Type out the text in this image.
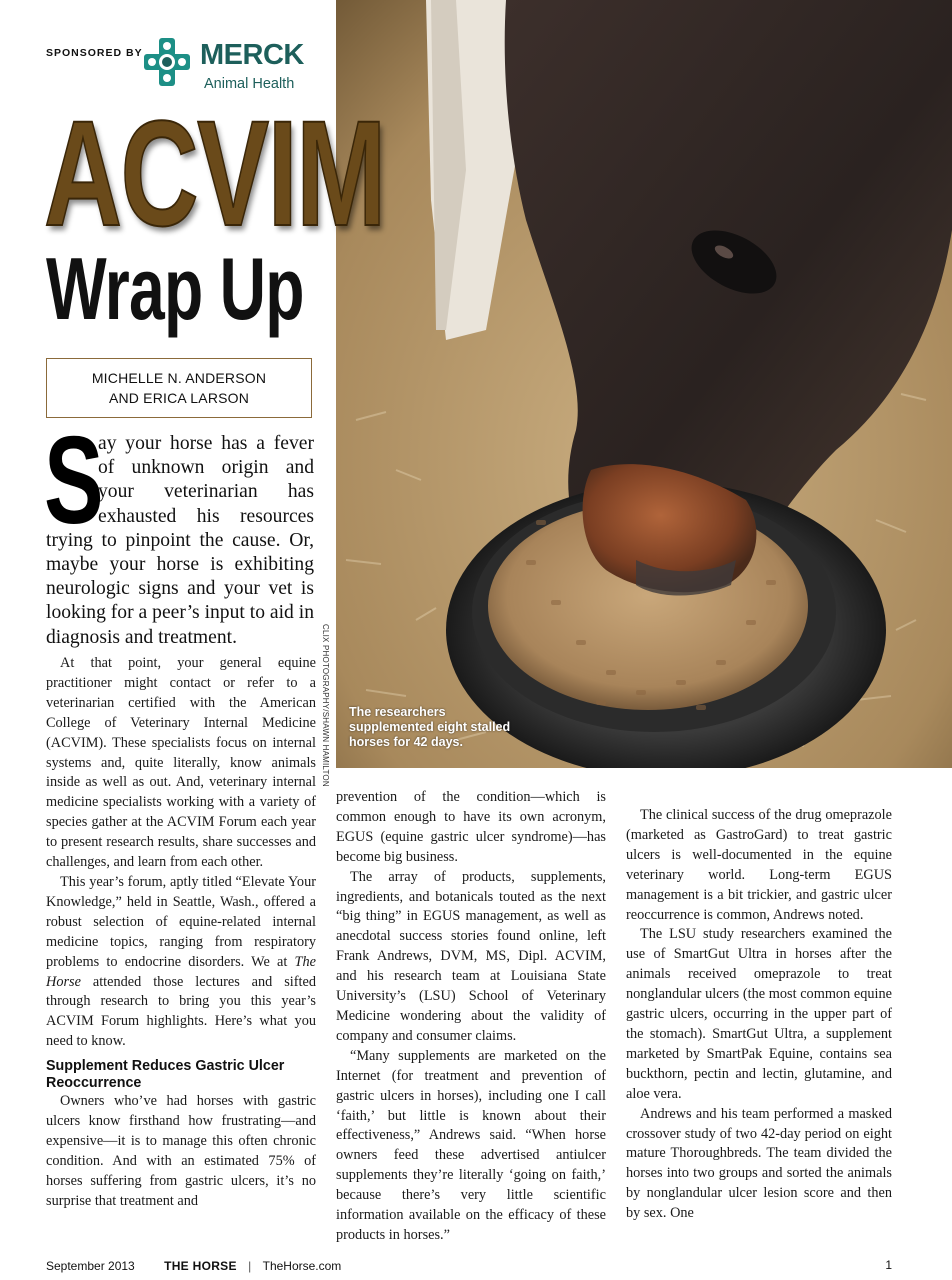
The researchers supplemented eight stalled horses for 42 days.
CLIX PHOTOGRAPHY/SHAWN HAMILTON
SPONSORED BY MERCK
Animal Health
ACVIM
Wrap Up
MICHELLE N. ANDERSON
AND ERICA LARSON
S

ay your horse has a fever of unknown origin and your veterinarian has exhausted his resources trying to pinpoint the cause. Or, maybe your horse is exhibiting neurologic signs and your vet is looking for a peer’s input to aid in diagnosis and treatment.

At that point, your general equine practitioner might contact or refer to a veterinarian certified with the American College of Veterinary Internal Medicine (ACVIM). These specialists focus on internal systems and, quite literally, know animals inside as well as out. And, veterinary internal medicine specialists working with a variety of species gather at the ACVIM Forum each year to present research results, share successes and challenges, and learn from each other.

This year’s forum, aptly titled “Elevate Your Knowledge,” held in Seattle, Wash., offered a robust selection of equine-related internal medicine topics, ranging from respiratory problems to endocrine disorders. We at The Horse attended those lectures and sifted through research to bring you this year’s ACVIM Forum highlights. Here’s what you need to know.

Supplement Reduces Gastric Ulcer Reoccurrence

Owners who’ve had horses with gastric ulcers know firsthand how frustrating—and expensive—it is to manage this often chronic condition. And with an estimated 75% of horses suffering from gastric ulcers, it’s no surprise that treatment and

prevention of the condition—which is common enough to have its own acronym, EGUS (equine gastric ulcer syndrome)—has become big business.

The array of products, supplements, ingredients, and botanicals touted as the next “big thing” in EGUS management, as well as anecdotal success stories found online, left Frank Andrews, DVM, MS, Dipl. ACVIM, and his research team at Louisiana State University’s (LSU) School of Veterinary Medicine wondering about the validity of company and consumer claims.

“Many supplements are marketed on the Internet (for treatment and prevention of gastric ulcers in horses), including one I call ‘faith,’ but little is known about their effectiveness,” Andrews said. “When horse owners feed these advertised antiulcer supplements they’re literally ‘going on faith,’ because there’s very little scientific information available on the efficacy of these products in horses.”

The clinical success of the drug omeprazole (marketed as GastroGard) to treat gastric ulcers is well-documented in the equine veterinary world. Long-term EGUS management is a bit trickier, and gastric ulcer reoccurrence is common, Andrews noted.

The LSU study researchers examined the use of SmartGut Ultra in horses after the animals received omeprazole to treat nonglandular ulcers (the most common equine gastric ulcers, occurring in the upper part of the stomach). SmartGut Ultra, a supplement marketed by SmartPak Equine, contains sea buckthorn, pectin and lectin, glutamine, and aloe vera.

Andrews and his team performed a masked crossover study of two 42-day period on eight mature Thoroughbreds. The team divided the horses into two groups and sorted the animals by nonglandular ulcer lesion score and then by sex. One

September 2013 THE HORSE | TheHorse.com	1
